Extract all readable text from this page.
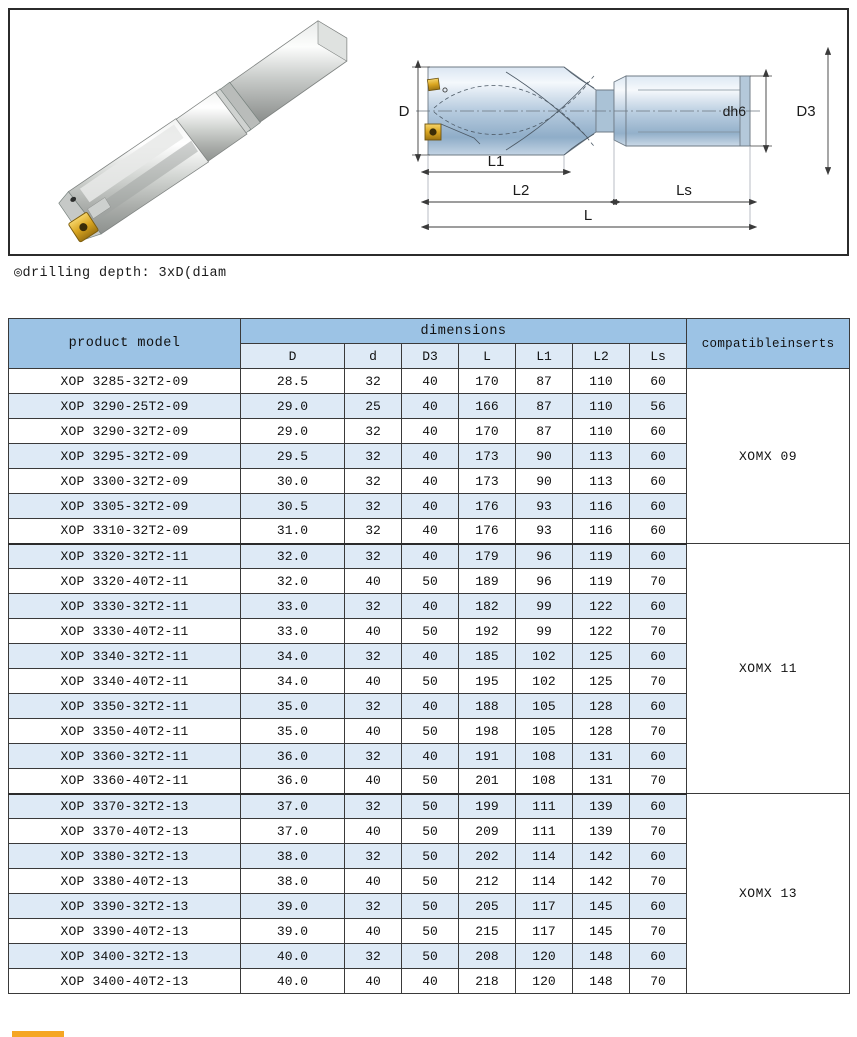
D	dh6	D3
L1
L2	Ls
L
◎drilling depth: 3xD(diam
product model	dimensions							compatibleinserts
	D	d	D3	L	L1	L2	Ls	
XOP 3285-32T2-09	28.5	32	40	170	87	110	60	XOMX 09
XOP 3290-25T2-09	29.0	25	40	166	87	110	56	
XOP 3290-32T2-09	29.0	32	40	170	87	110	60	
XOP 3295-32T2-09	29.5	32	40	173	90	113	60	
XOP 3300-32T2-09	30.0	32	40	173	90	113	60	
XOP 3305-32T2-09	30.5	32	40	176	93	116	60	
XOP 3310-32T2-09	31.0	32	40	176	93	116	60	
XOP 3320-32T2-11	32.0	32	40	179	96	119	60	XOMX 11
XOP 3320-40T2-11	32.0	40	50	189	96	119	70	
XOP 3330-32T2-11	33.0	32	40	182	99	122	60	
XOP 3330-40T2-11	33.0	40	50	192	99	122	70	
XOP 3340-32T2-11	34.0	32	40	185	102	125	60	
XOP 3340-40T2-11	34.0	40	50	195	102	125	70	
XOP 3350-32T2-11	35.0	32	40	188	105	128	60	
XOP 3350-40T2-11	35.0	40	50	198	105	128	70	
XOP 3360-32T2-11	36.0	32	40	191	108	131	60	
XOP 3360-40T2-11	36.0	40	50	201	108	131	70	
XOP 3370-32T2-13	37.0	32	50	199	111	139	60	XOMX 13
XOP 3370-40T2-13	37.0	40	50	209	111	139	70	
XOP 3380-32T2-13	38.0	32	50	202	114	142	60	
XOP 3380-40T2-13	38.0	40	50	212	114	142	70	
XOP 3390-32T2-13	39.0	32	50	205	117	145	60	
XOP 3390-40T2-13	39.0	40	50	215	117	145	70	
XOP 3400-32T2-13	40.0	32	50	208	120	148	60	
XOP 3400-40T2-13	40.0	40	40	218	120	148	70	
